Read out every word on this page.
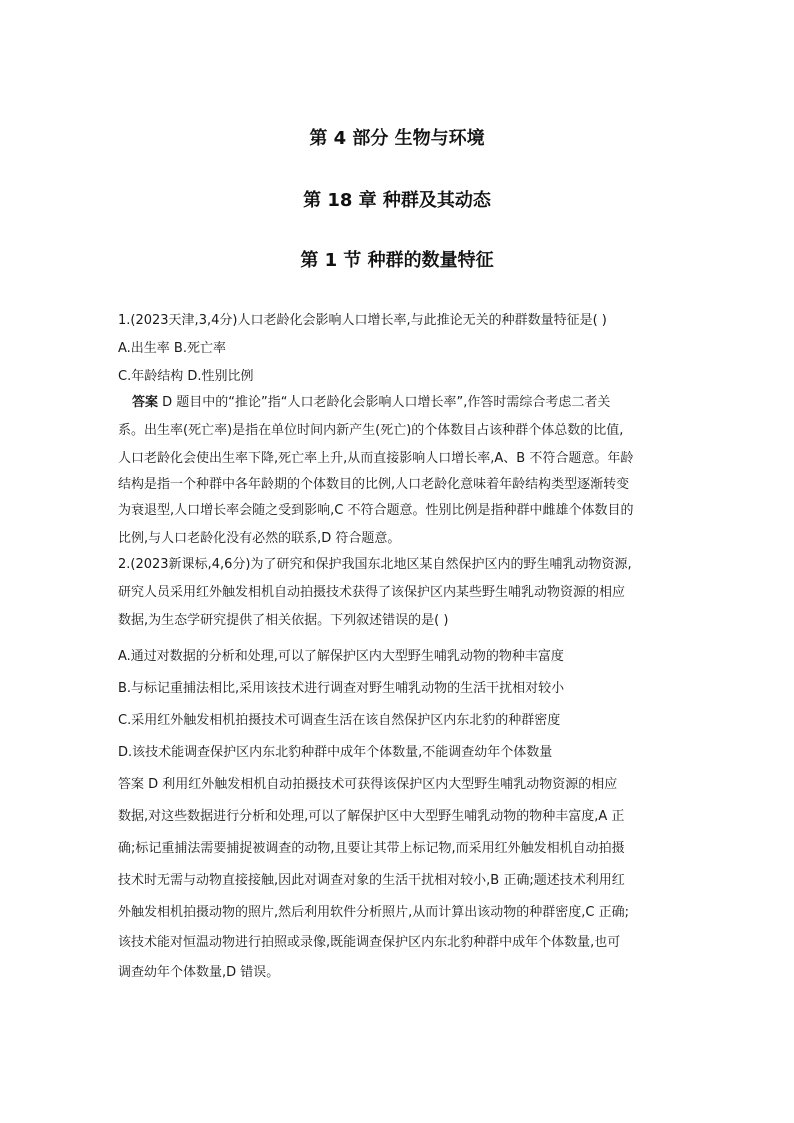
第 4 部分 生物与环境
第 18 章 种群及其动态
第 1 节 种群的数量特征
1.(2023天津,3,4分)人口老龄化会影响人口增长率,与此推论无关的种群数量特征是( )
A.出生率 B.死亡率
C.年龄结构 D.性别比例
答案 D 题目中的“推论”指“人口老龄化会影响人口增长率”,作答时需综合考虑二者关
系。出生率(死亡率)是指在单位时间内新产生(死亡)的个体数目占该种群个体总数的比值,
人口老龄化会使出生率下降,死亡率上升,从而直接影响人口增长率,A、B 不符合题意。年龄
结构是指一个种群中各年龄期的个体数目的比例,人口老龄化意味着年龄结构类型逐渐转变
为衰退型,人口增长率会随之受到影响,C 不符合题意。性别比例是指种群中雌雄个体数目的
比例,与人口老龄化没有必然的联系,D 符合题意。
2.(2023新课标,4,6分)为了研究和保护我国东北地区某自然保护区内的野生哺乳动物资源,
研究人员采用红外触发相机自动拍摄技术获得了该保护区内某些野生哺乳动物资源的相应
数据,为生态学研究提供了相关依据。下列叙述错误的是( )
A.通过对数据的分析和处理,可以了解保护区内大型野生哺乳动物的物种丰富度
B.与标记重捕法相比,采用该技术进行调查对野生哺乳动物的生活干扰相对较小
C.采用红外触发相机拍摄技术可调查生活在该自然保护区内东北豹的种群密度
D.该技术能调查保护区内东北豹种群中成年个体数量,不能调查幼年个体数量
答案 D 利用红外触发相机自动拍摄技术可获得该保护区内大型野生哺乳动物资源的相应
数据,对这些数据进行分析和处理,可以了解保护区中大型野生哺乳动物的物种丰富度,A 正
确;标记重捕法需要捕捉被调查的动物,且要让其带上标记物,而采用红外触发相机自动拍摄
技术时无需与动物直接接触,因此对调查对象的生活干扰相对较小,B 正确;题述技术利用红
外触发相机拍摄动物的照片,然后利用软件分析照片,从而计算出该动物的种群密度,C 正确;
该技术能对恒温动物进行拍照或录像,既能调查保护区内东北豹种群中成年个体数量,也可
调查幼年个体数量,D 错误。
